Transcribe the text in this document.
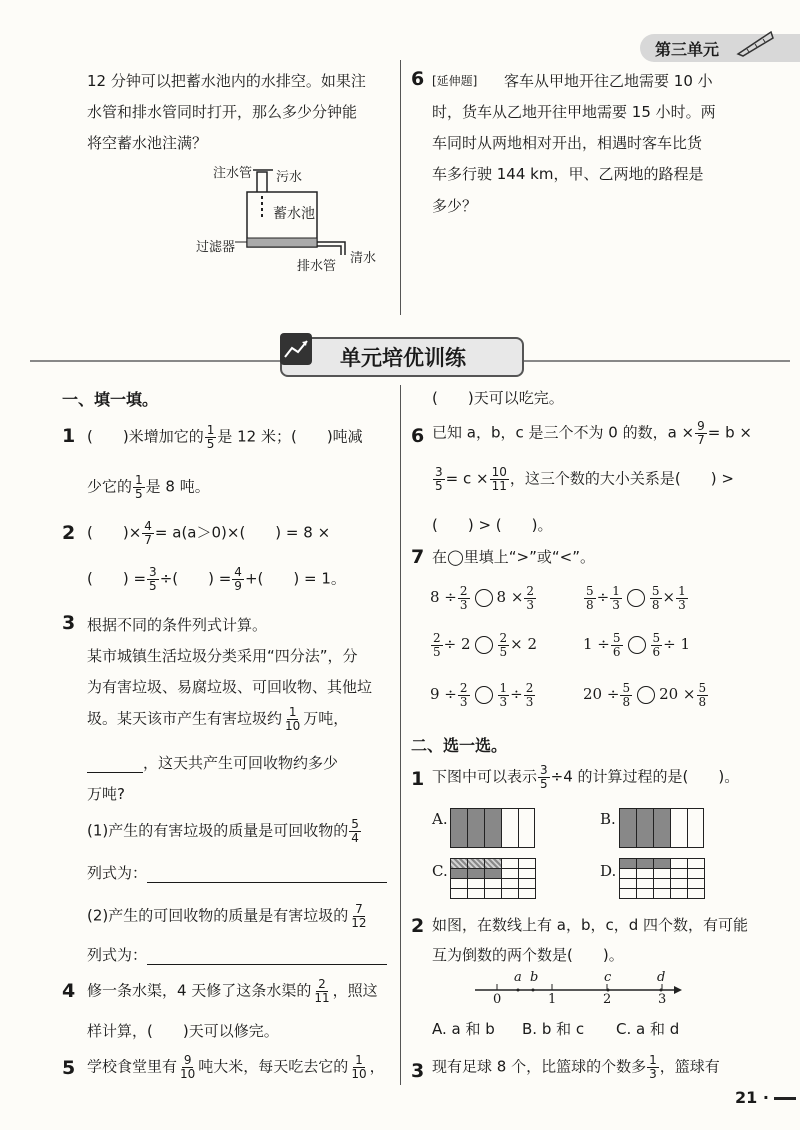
第三单元
12 分钟可以把蓄水池内的水排空。如果注
水管和排水管同时打开，那么多少分钟能
将空蓄水池注满？
注水管 污水
蓄水池
过滤器
排水管
清水
6 [延伸题] 客车从甲地开往乙地需要 10 小
时，货车从乙地开往甲地需要 15 小时。两
车同时从两地相对开出，相遇时客车比货
车多行驶 144 km，甲、乙两地的路程是
多少？
单元培优训练
一、填一填。
1 (　　)米增加它的 $\frac{1}{5}$ 是 12 米；(　　)吨减
少它的 $\frac{1}{5}$ 是 8 吨。
2 (　　)× $\frac{4}{7} = a(a>0)\times$(　　) = 8 ×
(　　) = $\frac{3}{5}$ ÷(　　) = $\frac{4}{9}$ +(　　) = 1。
3 根据不同的条件列式计算。
某市城镇生活垃圾分类采用“四分法”，分
为有害垃圾、易腐垃圾、可回收物、其他垃
圾。某天该市产生有害垃圾约 $\frac{1}{10}$ 万吨，
，这天共产生可回收物约多少
万吨?
(1)产生的有害垃圾的质量是可回收物的 $\frac{5}{4}$
列式为：
(2)产生的可回收物的质量是有害垃圾的 $\frac{7}{12}$
列式为：
4 修一条水渠，4 天修了这条水渠的 $\frac{2}{11}$ ，照这
样计算，(　　)天可以修完。
5 学校食堂里有 $\frac{9}{10}$ 吨大米，每天吃去它的 $\frac{1}{10}$ ，
(　　)天可以吃完。
6 已知 a，b，c 是三个不为 0 的数，$a \times \frac{9}{7} = b$ ×
$\frac{3}{5} = c \times \frac{10}{11}$ ，这三个数的大小关系是(　　) >
(　　) > (　　)。
7 在◯里填上“>”或“<”。
$8 \div \frac{2}{3} 8 \times \frac{2}{3}$	$\frac{5}{8} \div \frac{1}{3} \frac{5}{8} \times \frac{1}{3}$
$\frac{2}{5} \div 2 \frac{2}{5} \times 2$	$1 \div \frac{5}{6} \frac{5}{6} \div 1$
$9 \div \frac{2}{3} \frac{1}{3} \div \frac{2}{3}$	$20 \div \frac{5}{8} 20 \times \frac{5}{8}$
二、选一选。
1 下图中可以表示 $\frac{3}{5} \div 4$ 的计算过程的是(　　)。
A.	B.
C.	D.
2 如图，在数线上有 a，b，c，d 四个数，有可能
互为倒数的两个数是(　　)。
0	1	2	3
a b	c	d
A. a 和 b B. b 和 c C. a 和 d
3 现有足球 8 个，比篮球的个数多 $\frac{1}{3}$ ，篮球有
21 ·
